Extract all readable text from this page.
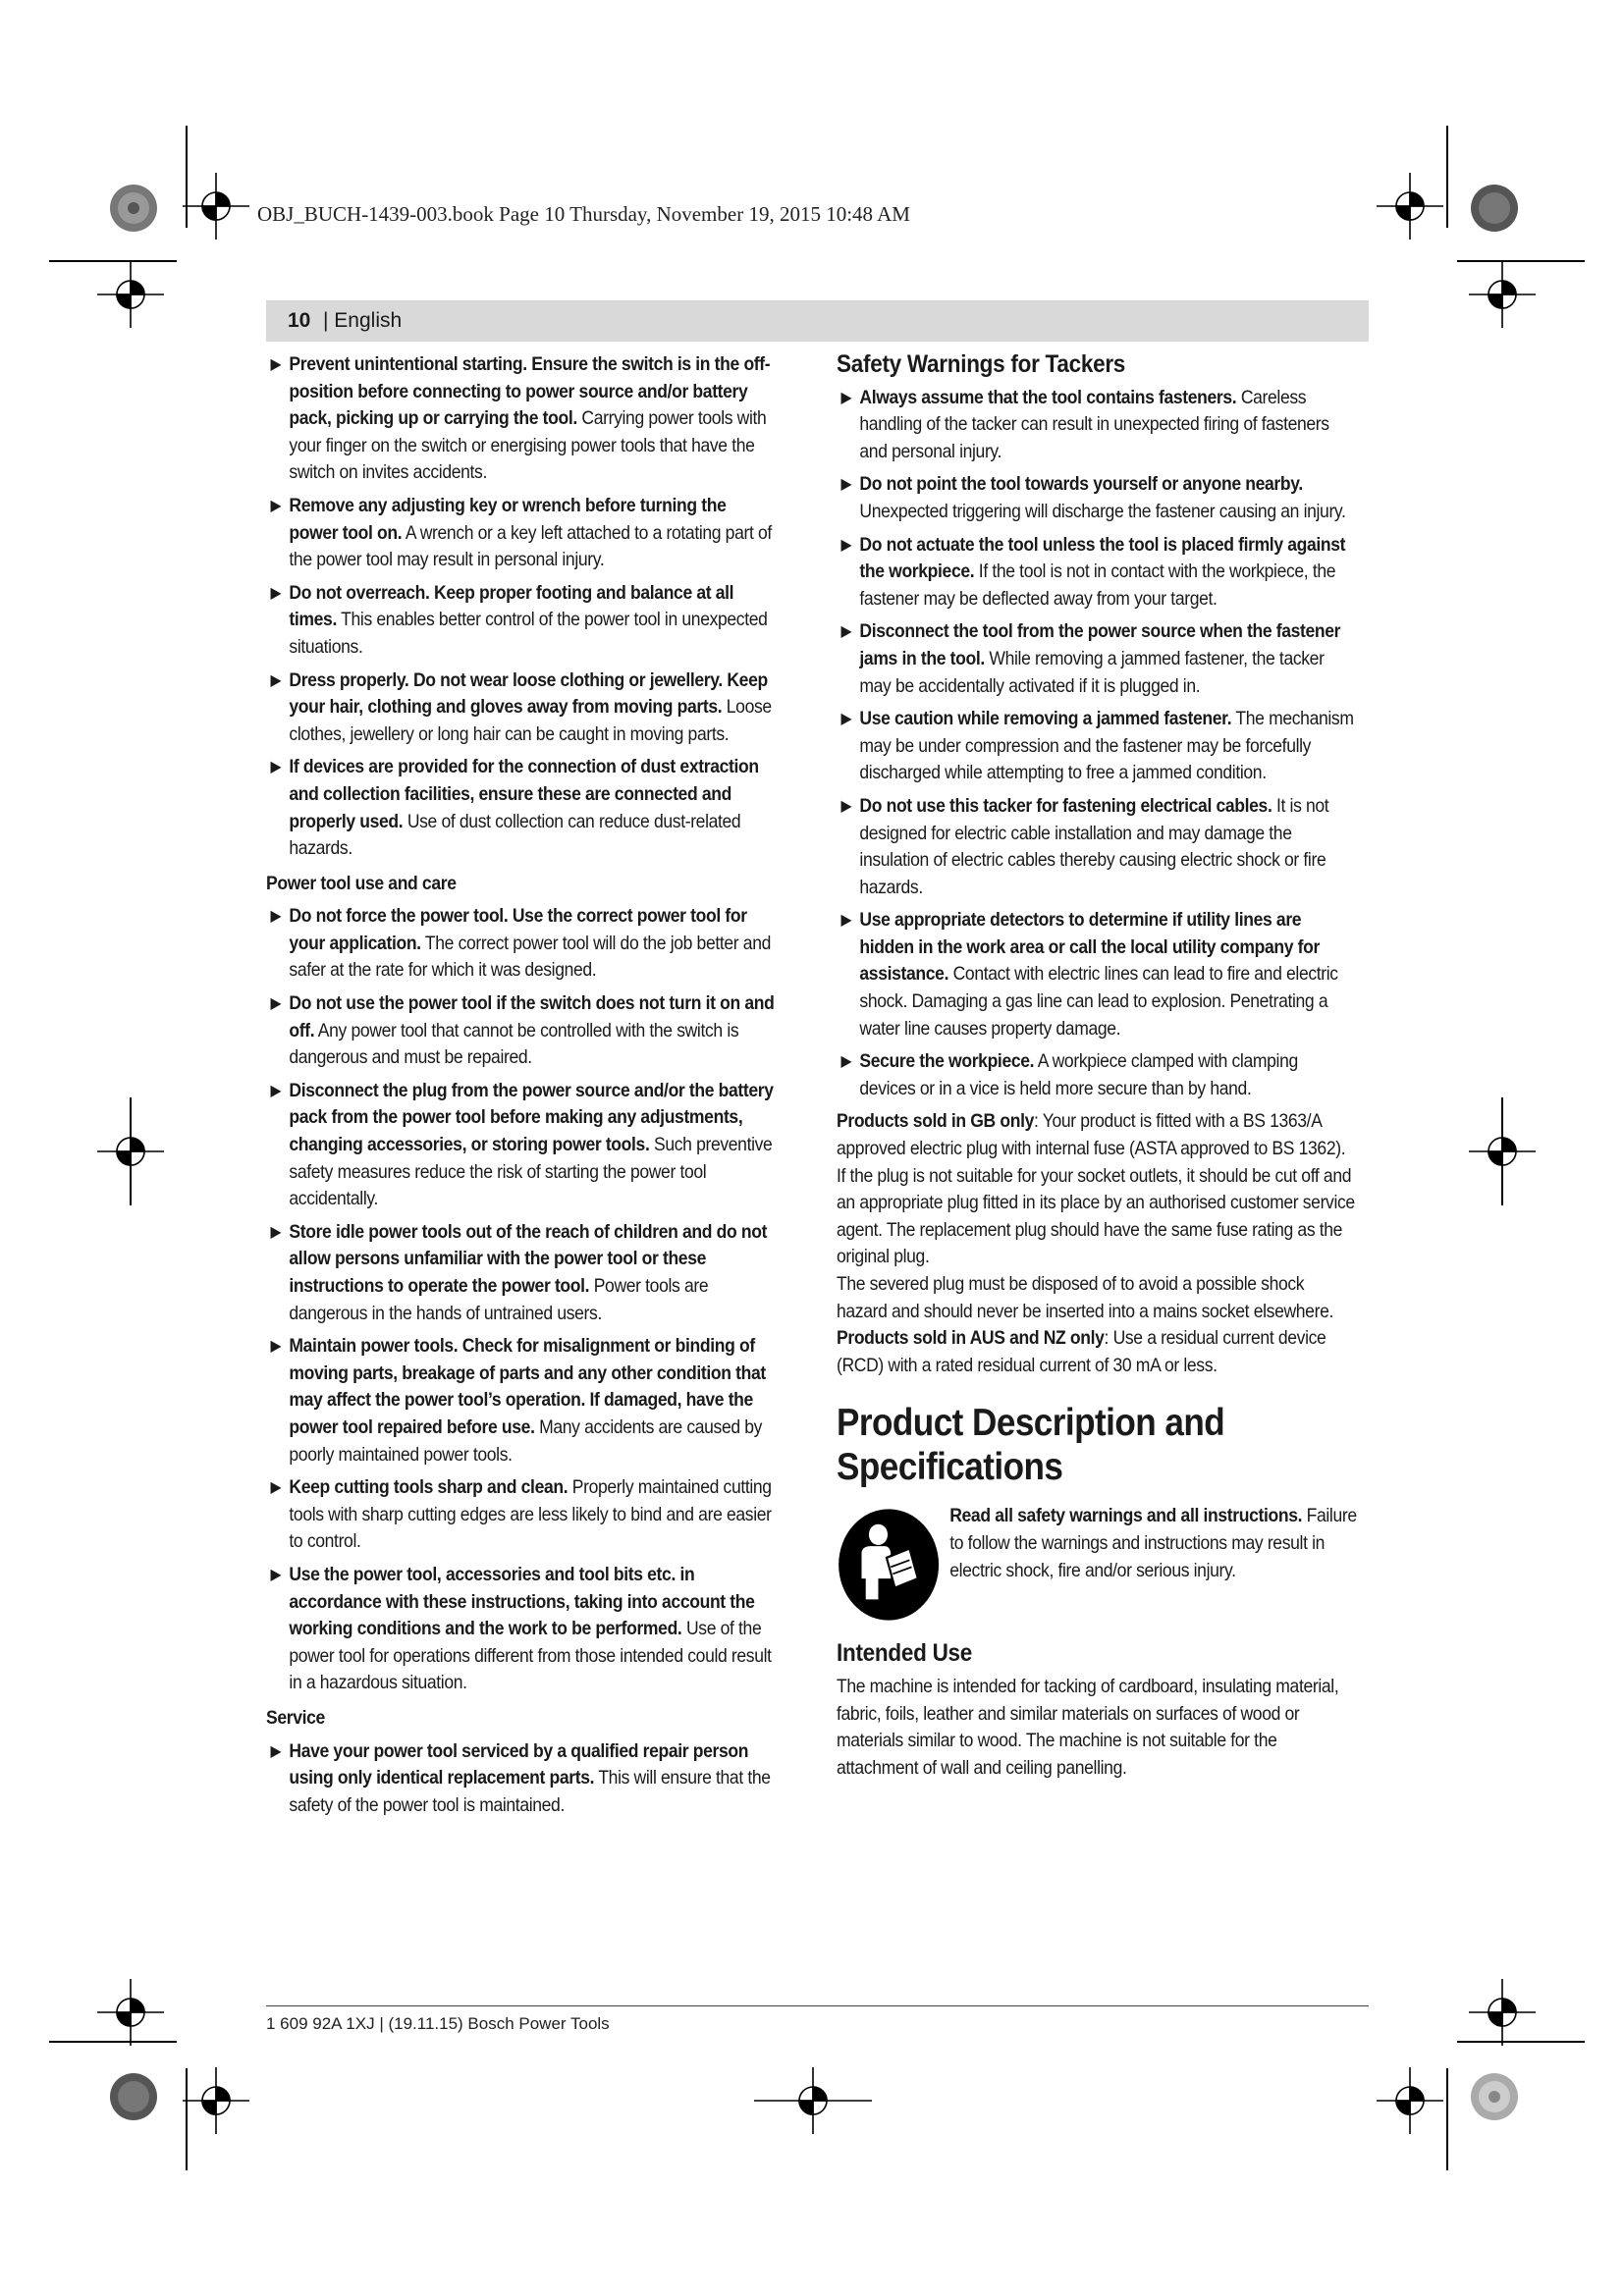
OBJ_BUCH-1439-003.book Page 10 Thursday, November 19, 2015 10:48 AM
10 | English
▶ Prevent unintentional starting. Ensure the switch is in the off-position before connecting to power source and/or battery pack, picking up or carrying the tool. Carrying power tools with your finger on the switch or energising power tools that have the switch on invites accidents.
▶ Remove any adjusting key or wrench before turning the power tool on. A wrench or a key left attached to a rotating part of the power tool may result in personal injury.
▶ Do not overreach. Keep proper footing and balance at all times. This enables better control of the power tool in unexpected situations.
▶ Dress properly. Do not wear loose clothing or jewellery. Keep your hair, clothing and gloves away from moving parts. Loose clothes, jewellery or long hair can be caught in moving parts.
▶ If devices are provided for the connection of dust extraction and collection facilities, ensure these are connected and properly used. Use of dust collection can reduce dust-related hazards.
Power tool use and care
▶ Do not force the power tool. Use the correct power tool for your application. The correct power tool will do the job better and safer at the rate for which it was designed.
▶ Do not use the power tool if the switch does not turn it on and off. Any power tool that cannot be controlled with the switch is dangerous and must be repaired.
▶ Disconnect the plug from the power source and/or the battery pack from the power tool before making any adjustments, changing accessories, or storing power tools. Such preventive safety measures reduce the risk of starting the power tool accidentally.
▶ Store idle power tools out of the reach of children and do not allow persons unfamiliar with the power tool or these instructions to operate the power tool. Power tools are dangerous in the hands of untrained users.
▶ Maintain power tools. Check for misalignment or binding of moving parts, breakage of parts and any other condition that may affect the power tool’s operation. If damaged, have the power tool repaired before use. Many accidents are caused by poorly maintained power tools.
▶ Keep cutting tools sharp and clean. Properly maintained cutting tools with sharp cutting edges are less likely to bind and are easier to control.
▶ Use the power tool, accessories and tool bits etc. in accordance with these instructions, taking into account the working conditions and the work to be performed. Use of the power tool for operations different from those intended could result in a hazardous situation.
Service
▶ Have your power tool serviced by a qualified repair person using only identical replacement parts. This will ensure that the safety of the power tool is maintained.
Safety Warnings for Tackers
▶ Always assume that the tool contains fasteners. Careless handling of the tacker can result in unexpected firing of fasteners and personal injury.
▶ Do not point the tool towards yourself or anyone nearby. Unexpected triggering will discharge the fastener causing an injury.
▶ Do not actuate the tool unless the tool is placed firmly against the workpiece. If the tool is not in contact with the workpiece, the fastener may be deflected away from your target.
▶ Disconnect the tool from the power source when the fastener jams in the tool. While removing a jammed fastener, the tacker may be accidentally activated if it is plugged in.
▶ Use caution while removing a jammed fastener. The mechanism may be under compression and the fastener may be forcefully discharged while attempting to free a jammed condition.
▶ Do not use this tacker for fastening electrical cables. It is not designed for electric cable installation and may damage the insulation of electric cables thereby causing electric shock or fire hazards.
▶ Use appropriate detectors to determine if utility lines are hidden in the work area or call the local utility company for assistance. Contact with electric lines can lead to fire and electric shock. Damaging a gas line can lead to explosion. Penetrating a water line causes property damage.
▶ Secure the workpiece. A workpiece clamped with clamping devices or in a vice is held more secure than by hand.

Products sold in GB only: Your product is fitted with a BS 1363/A approved electric plug with internal fuse (ASTA approved to BS 1362).

If the plug is not suitable for your socket outlets, it should be cut off and an appropriate plug fitted in its place by an authorised customer service agent. The replacement plug should have the same fuse rating as the original plug.

The severed plug must be disposed of to avoid a possible shock hazard and should never be inserted into a mains socket elsewhere.

Products sold in AUS and NZ only: Use a residual current device (RCD) with a rated residual current of 30 mA or less.

Product Description and Specifications
Read all safety warnings and all instructions. Failure to follow the warnings and instructions may result in electric shock, fire and/or serious injury.
Intended Use

The machine is intended for tacking of cardboard, insulating material, fabric, foils, leather and similar materials on surfaces of wood or materials similar to wood. The machine is not suitable for the attachment of wall and ceiling panelling.

1 609 92A 1XJ | (19.11.15) Bosch Power Tools
